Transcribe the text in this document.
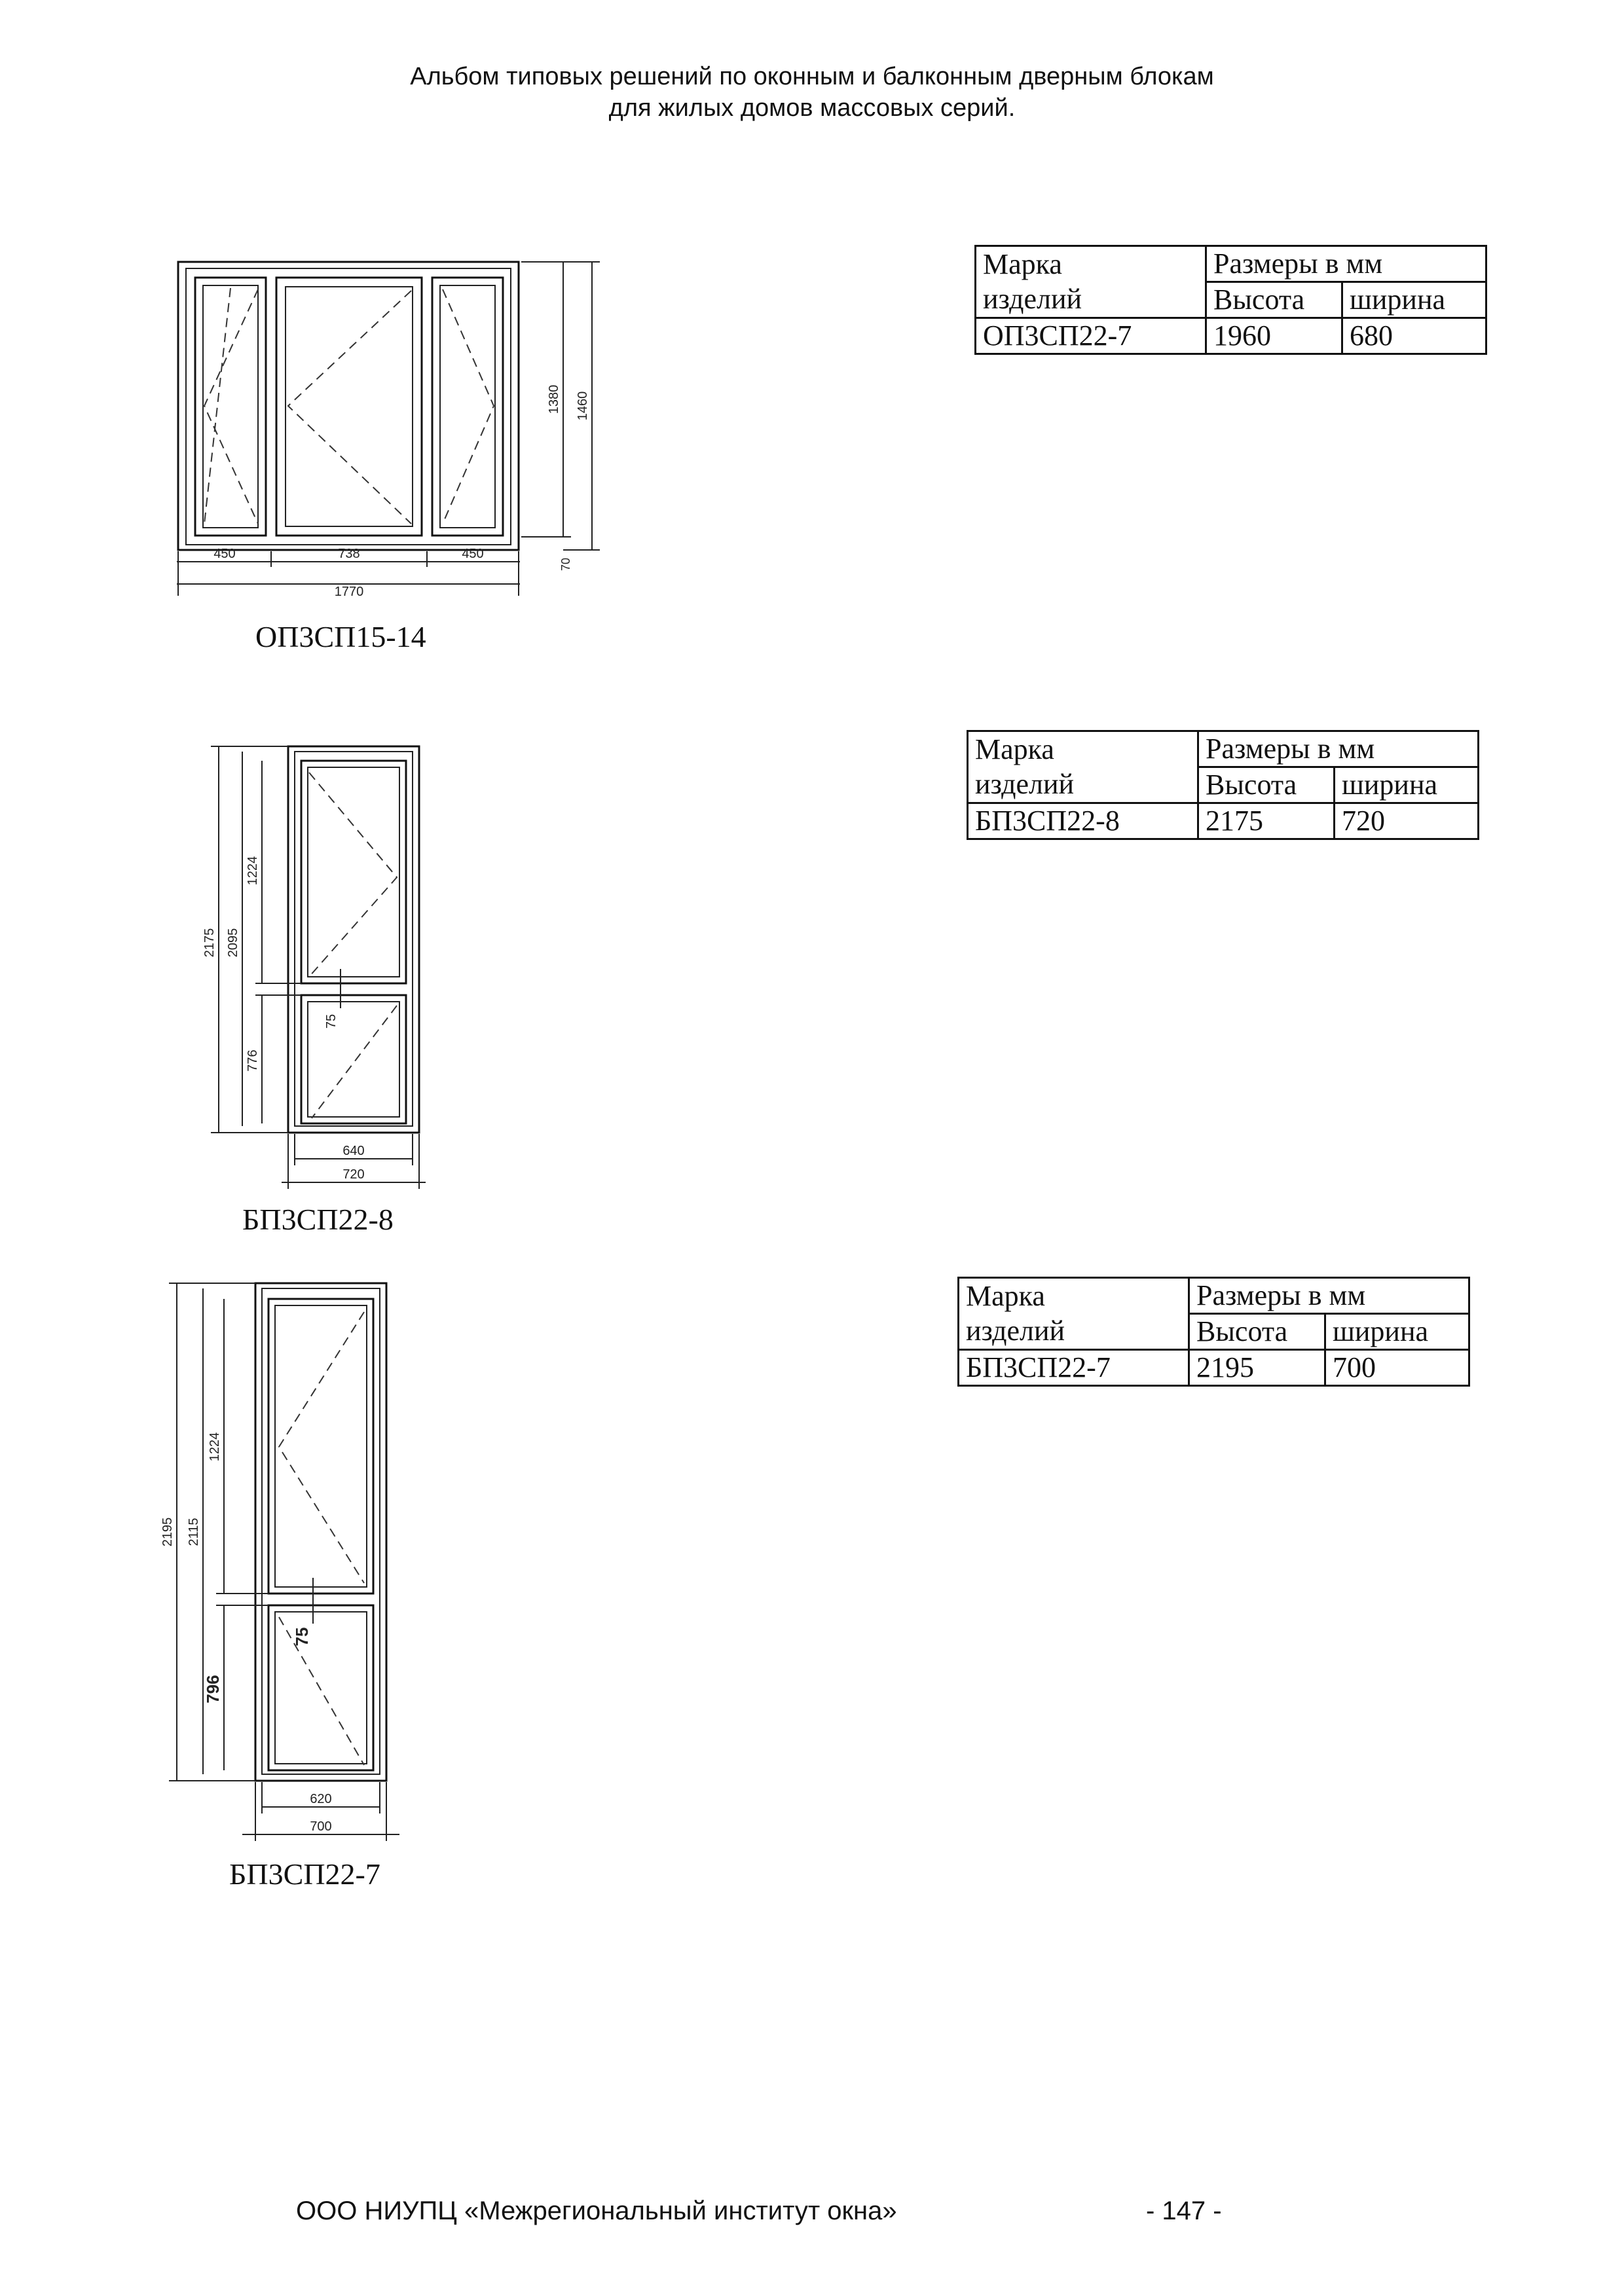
Альбом типовых решений по оконным и балконным дверным блокам
для жилых домов массовых серий.
450	738	450
1770
1380 1460
70
ОП3СП15-14
2175 2095
1224
776
75
640
720
БП3СП22-8
2195 2115
1224
796
75
620
700
БП3СП22-7
Марка	Размеры в мм	
изделий	Высота	ширина
ОП3СП22-7	1960	680
Марка	Размеры в мм	
изделий	Высота	ширина
БП3СП22-8	2175	720
Марка	Размеры в мм	
изделий	Высота	ширина
БП3СП22-7	2195	700
ООО НИУПЦ «Межрегиональный институт окна»	- 147 -
